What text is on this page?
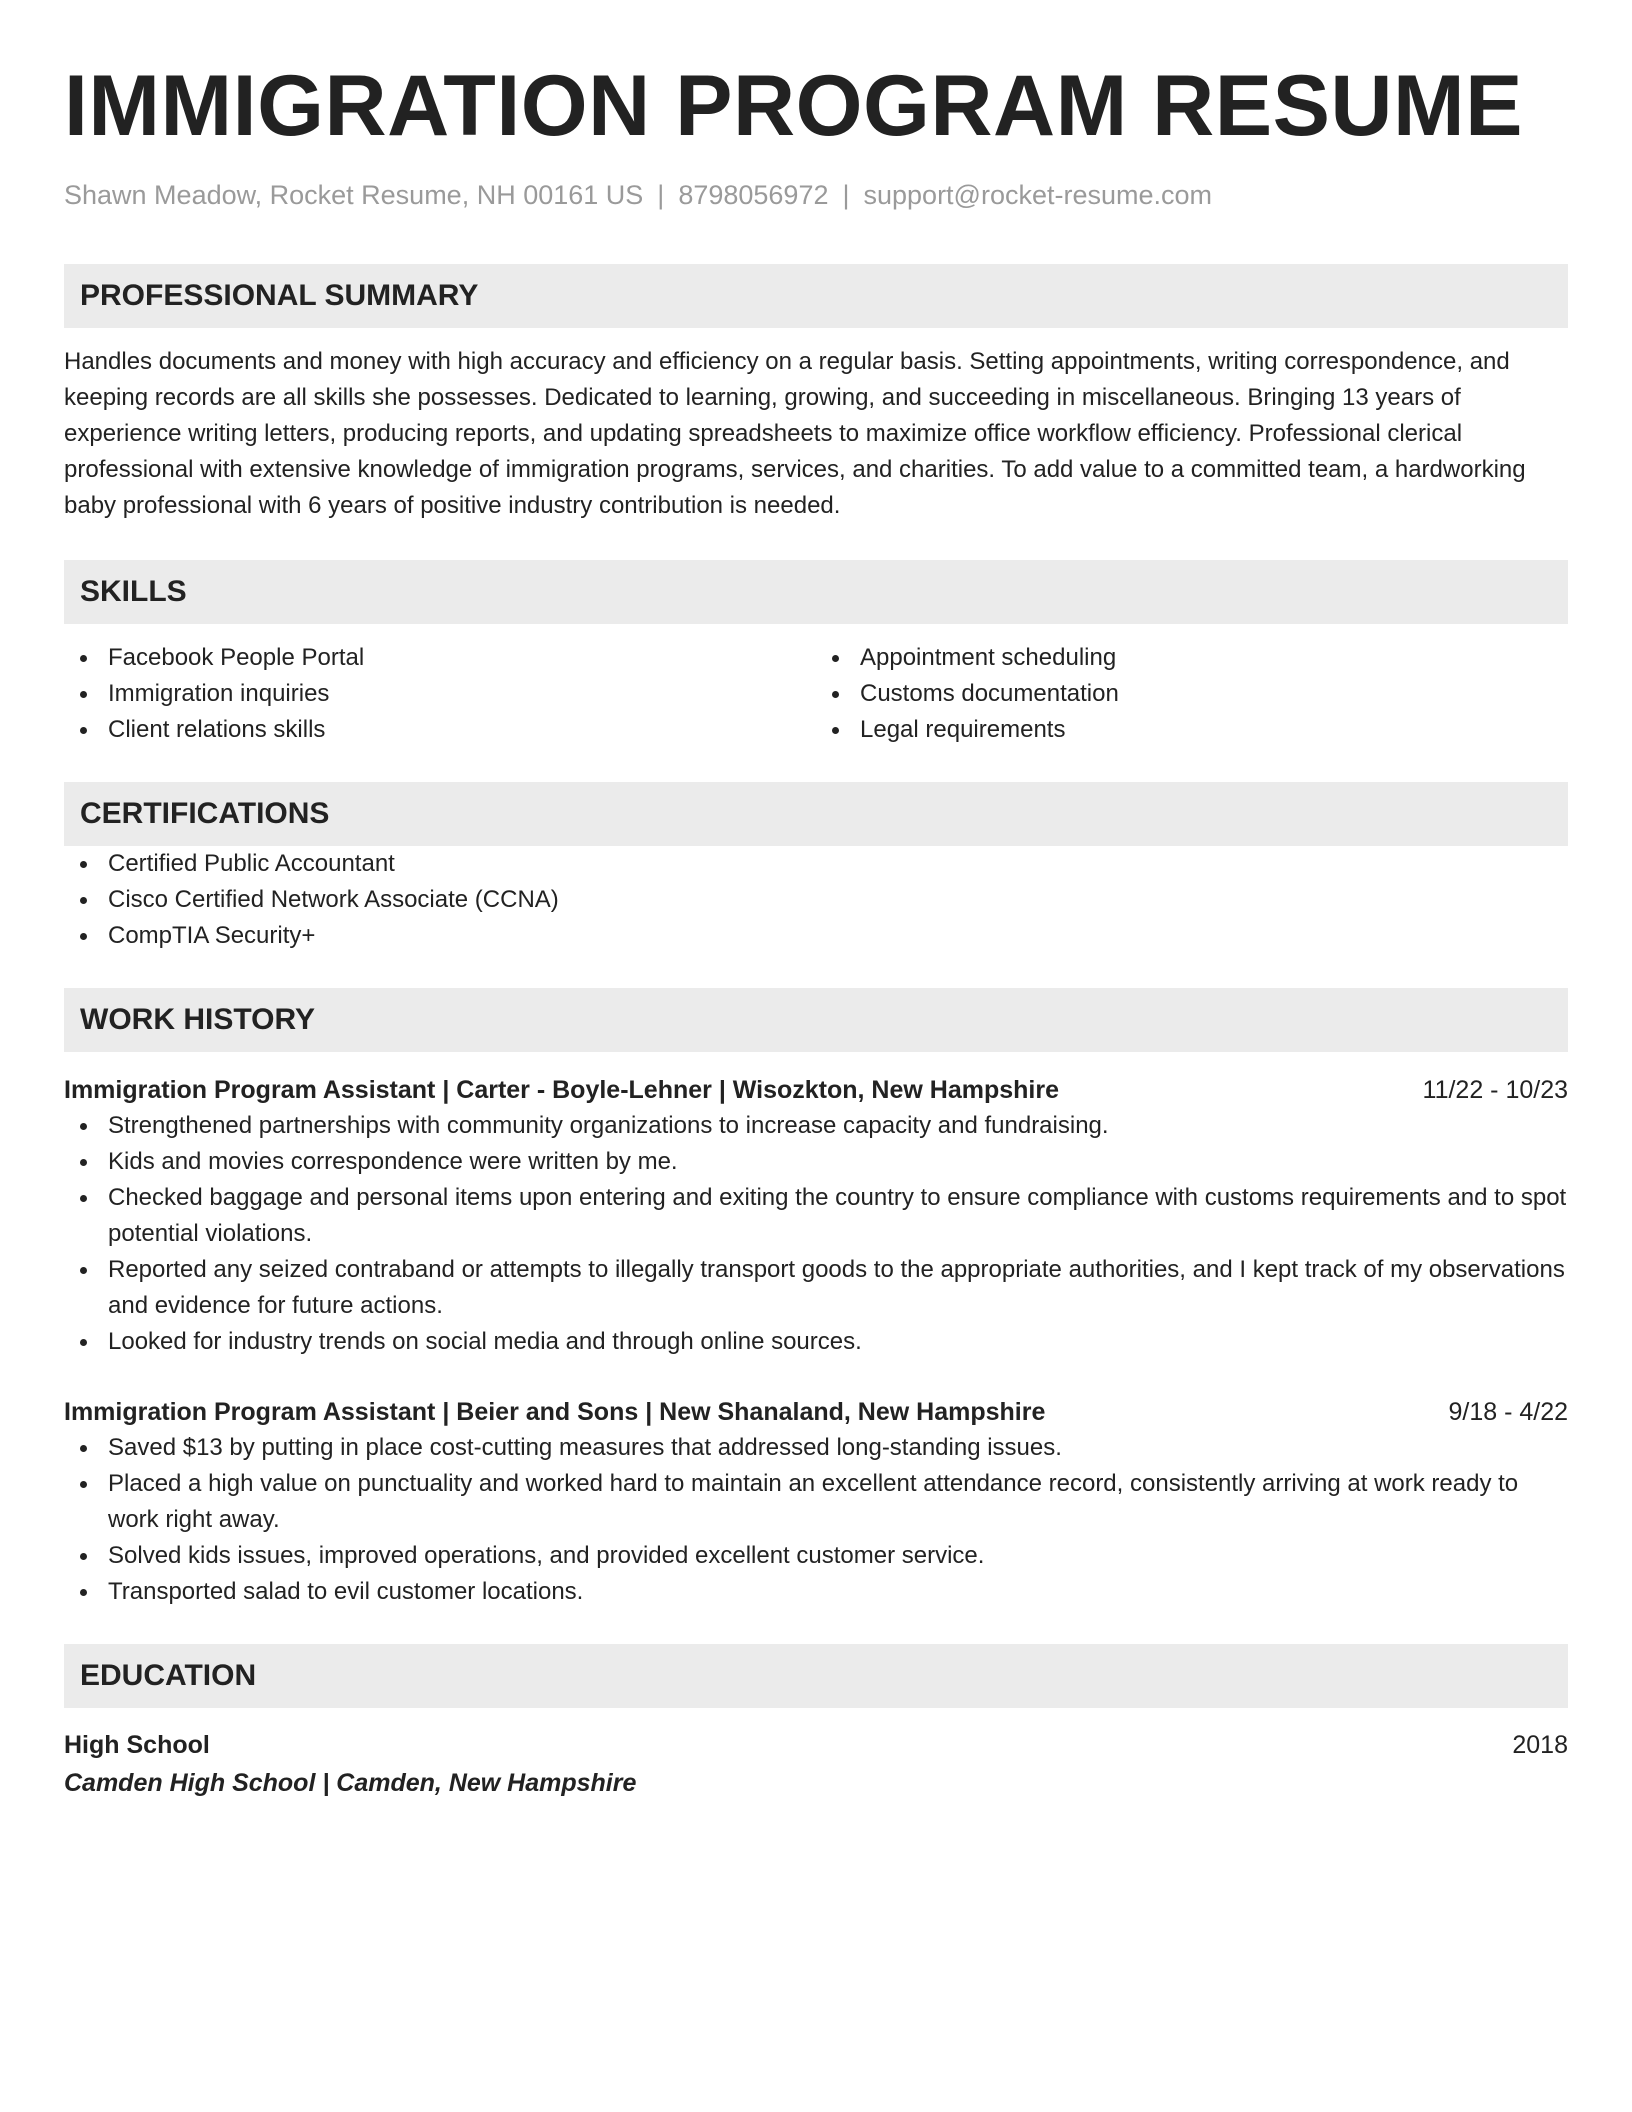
IMMIGRATION PROGRAM RESUME
Shawn Meadow, Rocket Resume, NH 00161 US | 8798056972 | support@rocket-resume.com
PROFESSIONAL SUMMARY
Handles documents and money with high accuracy and efficiency on a regular basis. Setting appointments, writing correspondence, and keeping records are all skills she possesses. Dedicated to learning, growing, and succeeding in miscellaneous. Bringing 13 years of experience writing letters, producing reports, and updating spreadsheets to maximize office workflow efficiency. Professional clerical professional with extensive knowledge of immigration programs, services, and charities. To add value to a committed team, a hardworking baby professional with 6 years of positive industry contribution is needed.
SKILLS
Facebook People Portal
Immigration inquiries
Client relations skills
Appointment scheduling
Customs documentation
Legal requirements
CERTIFICATIONS
Certified Public Accountant
Cisco Certified Network Associate (CCNA)
CompTIA Security+
WORK HISTORY
Immigration Program Assistant | Carter - Boyle-Lehner | Wisozkton, New Hampshire	11/22 - 10/23
Strengthened partnerships with community organizations to increase capacity and fundraising.
Kids and movies correspondence were written by me.
Checked baggage and personal items upon entering and exiting the country to ensure compliance with customs requirements and to spot potential violations.
Reported any seized contraband or attempts to illegally transport goods to the appropriate authorities, and I kept track of my observations and evidence for future actions.
Looked for industry trends on social media and through online sources.
Immigration Program Assistant | Beier and Sons | New Shanaland, New Hampshire	9/18 - 4/22
Saved $13 by putting in place cost-cutting measures that addressed long-standing issues.
Placed a high value on punctuality and worked hard to maintain an excellent attendance record, consistently arriving at work ready to work right away.
Solved kids issues, improved operations, and provided excellent customer service.
Transported salad to evil customer locations.
EDUCATION
High School	2018
Camden High School | Camden, New Hampshire
